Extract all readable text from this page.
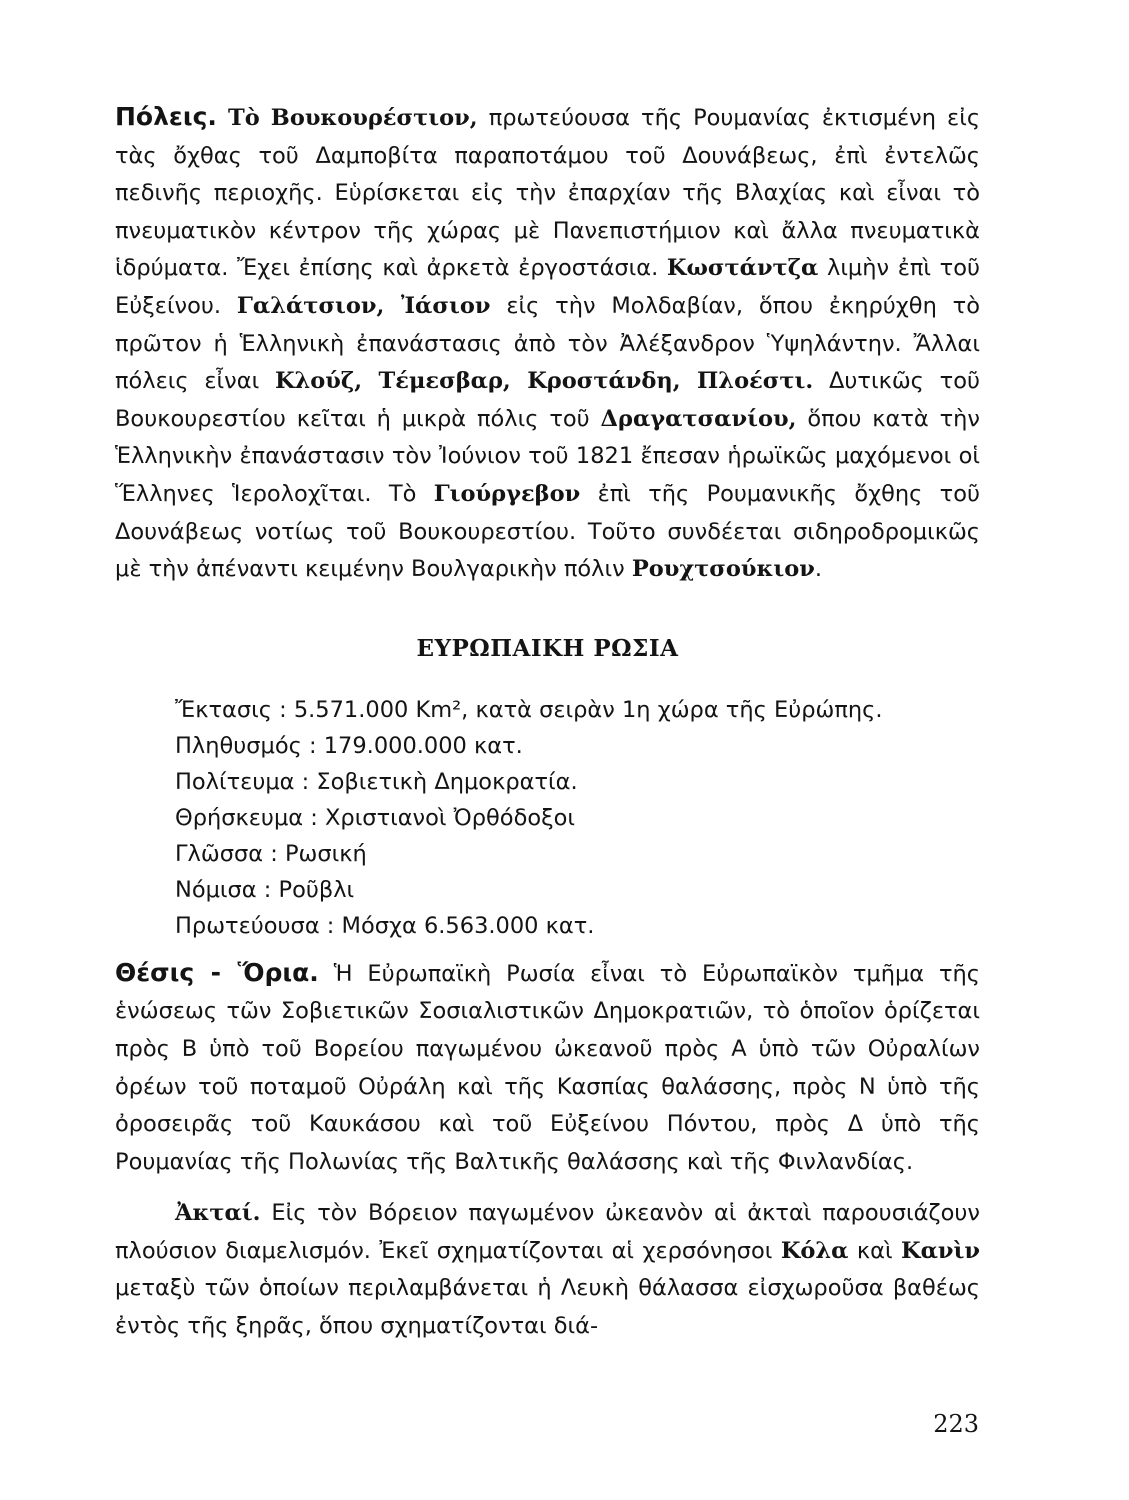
Πόλεις. Τὸ Βουκουρέστιον, πρωτεύουσα τῆς Ρουμανίας ἐκτισμένη εἰς τὰς ὄχθας τοῦ Δαμποβίτα παραποτάμου τοῦ Δουνάβεως, ἐπὶ ἐντελῶς πεδινῆς περιοχῆς. Εὑρίσκεται εἰς τὴν ἐπαρχίαν τῆς Βλαχίας καὶ εἶναι τὸ πνευματικὸν κέντρον τῆς χώρας μὲ Πανεπιστήμιον καὶ ἄλλα πνευματικὰ ἱδρύματα. Ἔχει ἐπίσης καὶ ἀρκετὰ ἐργοστάσια. Κωστάντζα λιμὴν ἐπὶ τοῦ Εὐξείνου. Γαλάτσιον, Ἰάσιον εἰς τὴν Μολδαβίαν, ὅπου ἐκηρύχθη τὸ πρῶτον ἡ Ἑλληνικὴ ἐπανάστασις ἀπὸ τὸν Ἀλέξανδρον Ὑψηλάντην. Ἄλλαι πόλεις εἶναι Κλούζ, Τέμεσβαρ, Κροστάνδη, Πλοέστι. Δυτικῶς τοῦ Βουκουρεστίου κεῖται ἡ μικρὰ πόλις τοῦ Δραγατσανίου, ὅπου κατὰ τὴν Ἑλληνικὴν ἐπανάστασιν τὸν Ἰούνιον τοῦ 1821 ἔπεσαν ἡρωϊκῶς μαχόμενοι οἱ Ἕλληνες Ἱερολοχῖται. Τὸ Γιούργεβον ἐπὶ τῆς Ρουμανικῆς ὄχθης τοῦ Δουνάβεως νοτίως τοῦ Βουκουρεστίου. Τοῦτο συνδέεται σιδηροδρομικῶς μὲ τὴν ἀπέναντι κειμένην Βουλγαρικὴν πόλιν Ρουχτσούκιον.

ΕΥΡΩΠΑΙΚΗ ΡΩΣΙΑ
Ἔκτασις : 5.571.000 Km², κατὰ σειρὰν 1η χώρα τῆς Εὐρώπης.
Πληθυσμός : 179.000.000 κατ.
Πολίτευμα : Σοβιετικὴ Δημοκρατία.
Θρήσκευμα : Χριστιανοὶ Ὀρθόδοξοι
Γλῶσσα : Ρωσική
Νόμισα : Ροῦβλι
Πρωτεύουσα : Μόσχα 6.563.000 κατ.

Θέσις - Ὅρια. Ἡ Εὐρωπαϊκὴ Ρωσία εἶναι τὸ Εὐρωπαϊκὸν τμῆμα τῆς ἑνώσεως τῶν Σοβιετικῶν Σοσιαλιστικῶν Δημοκρατιῶν, τὸ ὁποῖον ὁρίζεται πρὸς Β ὑπὸ τοῦ Βορείου παγωμένου ὠκεανοῦ πρὸς Α ὑπὸ τῶν Οὐραλίων ὀρέων τοῦ ποταμοῦ Οὐράλη καὶ τῆς Κασπίας θαλάσσης, πρὸς Ν ὑπὸ τῆς ὀροσειρᾶς τοῦ Καυκάσου καὶ τοῦ Εὐξείνου Πόντου, πρὸς Δ ὑπὸ τῆς Ρουμανίας τῆς Πολωνίας τῆς Βαλτικῆς θαλάσσης καὶ τῆς Φινλανδίας.

Ἀκταί. Εἰς τὸν Βόρειον παγωμένον ὠκεανὸν αἱ ἀκταὶ παρουσιάζουν πλούσιον διαμελισμόν. Ἐκεῖ σχηματίζονται αἱ χερσόνησοι Κόλα καὶ Κανὶν μεταξὺ τῶν ὁποίων περιλαμβάνεται ἡ Λευκὴ θάλασσα εἰσχωροῦσα βαθέως ἐντὸς τῆς ξηρᾶς, ὅπου σχηματίζονται διά-

223
